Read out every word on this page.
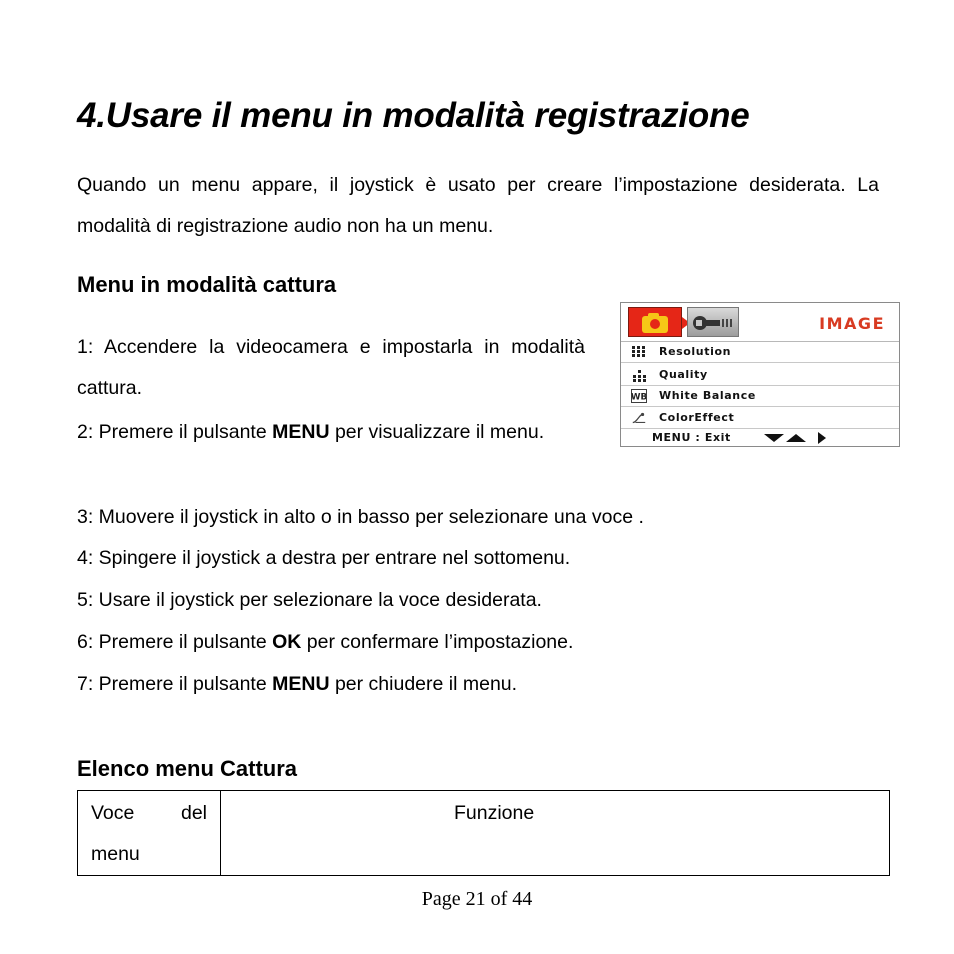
4.Usare il menu in modalità registrazione

Quando un menu appare, il joystick è usato per creare l’impostazione desiderata. La modalità di registrazione audio non ha un menu.

Menu in modalità cattura

1: Accendere la videocamera e impostarla in modalità cattura.

2: Premere il pulsante MENU per visualizzare il menu.

3: Muovere il joystick in alto o in basso per selezionare una voce .

4: Spingere il joystick a destra per entrare nel sottomenu.

5: Usare il joystick per selezionare la voce desiderata.

6: Premere il pulsante OK per confermare l’impostazione.

7: Premere il pulsante MENU per chiudere il menu.

IMAGE
Resolution
Quality
WB White Balance
ColorEffect
MENU : Exit
Elenco menu Cattura

Voce del menu

Funzione

Page 21 of 44
